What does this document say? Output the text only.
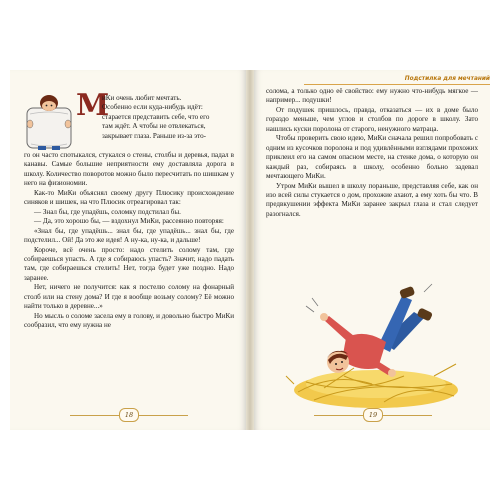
М
иКи очень любит мечтать.
Особенно если куда-нибудь идёт:
старается представить себе, что его
там ждёт. А чтобы не отвлекаться,
закрывает глаза. Раньше из-за это-

го он часто спотыкался, стукался о стены, столбы и деревья, падал в канавы. Самые большие неприятности ему доставляла дорога в школу. Количество поворотов можно было пересчитать по шишкам у него на физиономии.

Как-то МиКи объяснял своему другу Плюсику происхождение синяков и шишек, на что Плюсик отреагировал так:

— Знал бы, где упадёшь, соломку подстилал бы.

— Да, это хорошо бы, — вздохнул МиКи, рассеянно повторяя:

«Знал бы, где упадёшь... знал бы, где упадёшь... знал бы, где подстелил... Ой! Да это же идея! А ну-ка, ну-ка, и дальше!

Короче, всё очень просто: надо стелить солому там, где собираешься упасть. А где я собираюсь упасть? Значит, надо падать там, где собираешься стелить! Нет, тогда будет уже поздно. Надо заранее.

Нет, ничего не получится: как я постелю солому на фонарный столб или на стену дома? И где я вообще возьму солому? Её можно найти только в деревне...»

Но мысль о соломе засела ему в голову, и довольно быстро МиКи сообразил, что ему нужна не

18
Подстилка для мечтаний

солома, а только одно её свойство: ему нужно что-нибудь мягкое — например... подушки!

От подушек пришлось, правда, отказаться — их в доме было гораздо меньше, чем углов и столбов по дороге в школу. Зато нашлись куски поролона от старого, ненужного матраца.

Чтобы проверить свою идею, МиКи сначала решил попробовать с одним из кусочков поролона и под удивлёнными взглядами прохожих приклеил его на самом опасном месте, на стенке дома, о которую он каждый раз, собираясь в школу, особенно больно задевал мечтающего МиКи.

Утром МиКи вышел в школу пораньше, представляя себе, как он изо всей силы стукается о дом, прохожие ахают, а ему хоть бы что. В предвкушении эффекта МиКи заранее закрыл глаза и стал следует разогнался.

19
